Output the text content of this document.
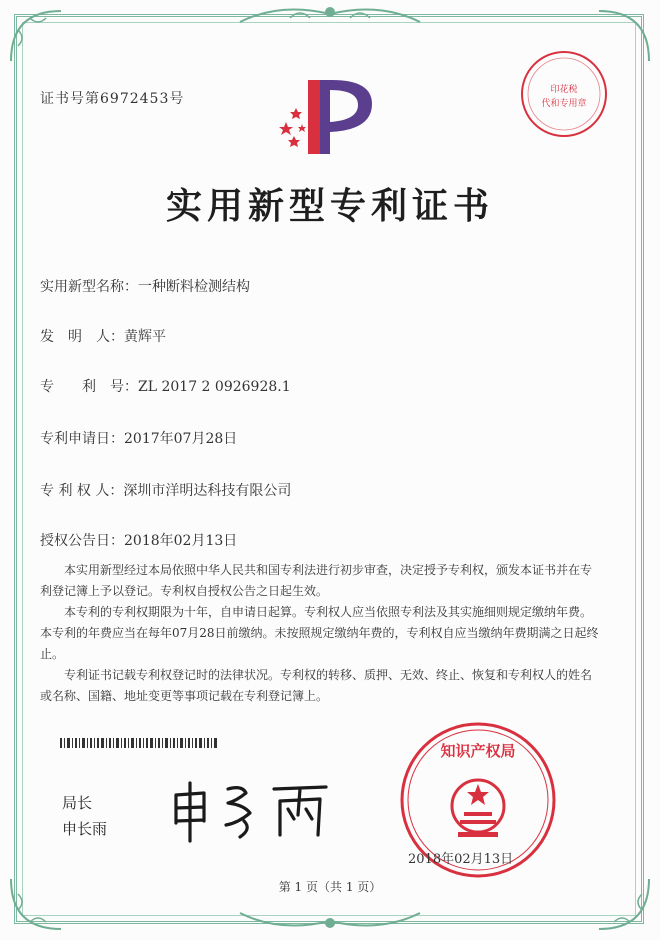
证书号第6972453号
印花税
代和专用章
实用新型专利证书
实用新型名称：一种断料检测结构
发　明　人：黄辉平
专　　利　号：ZL 2017 2 0926928.1
专利申请日：2017年07月28日
专 利 权 人：深圳市洋明达科技有限公司
授权公告日：2018年02月13日

本实用新型经过本局依照中华人民共和国专利法进行初步审查，决定授予专利权，颁发本证书并在专利登记簿上予以登记。专利权自授权公告之日起生效。

本专利的专利权期限为十年，自申请日起算。专利权人应当依照专利法及其实施细则规定缴纳年费。本专利的年费应当在每年07月28日前缴纳。未按照规定缴纳年费的，专利权自应当缴纳年费期满之日起终止。

专利证书记载专利权登记时的法律状况。专利权的转移、质押、无效、终止、恢复和专利权人的姓名或名称、国籍、地址变更等事项记载在专利登记簿上。

局长
申长雨
知识产权局
2018年02月13日
第 1 页（共 1 页）
